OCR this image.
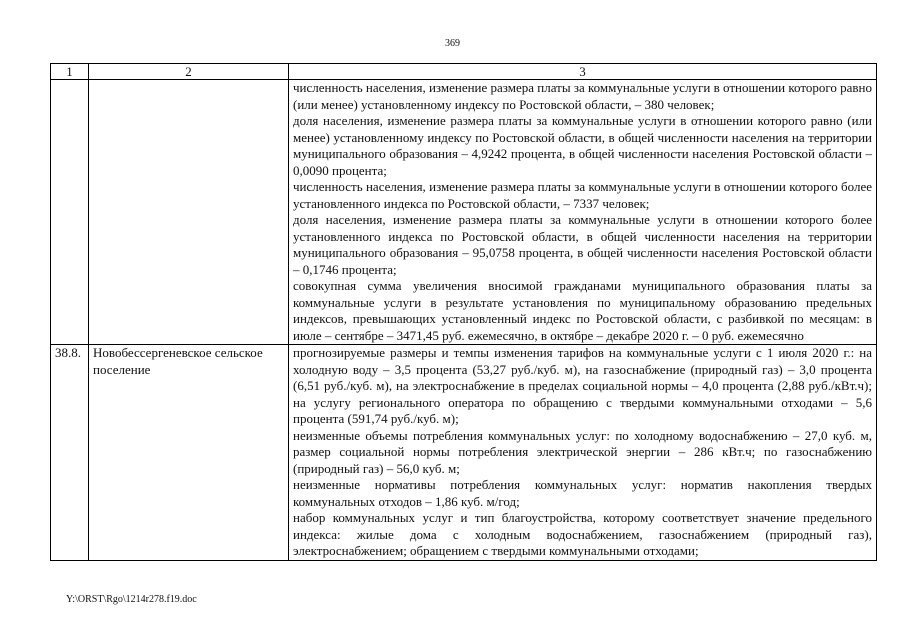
369
1	2	3

		численность населения, изменение размера платы за коммунальные услуги в отношении которого равно (или менее) установленному индексу по Ростовской области, – 380 человек;
доля населения, изменение размера платы за коммунальные услуги в отношении которого равно (или менее) установленному индексу по Ростовской области, в общей численности населения на территории муниципального образования – 4,9242 процента, в общей численности населения Ростовской области – 0,0090 процента;
численность населения, изменение размера платы за коммунальные услуги в отношении которого более установленного индекса по Ростовской области, – 7337 человек;
доля населения, изменение размера платы за коммунальные услуги в отношении которого более установленного индекса по Ростовской области, в общей численности населения на территории муниципального образования – 95,0758 процента, в общей численности населения Ростовской области – 0,1746 процента;
совокупная сумма увеличения вносимой гражданами муниципального образования платы за коммунальные услуги в результате установления по муниципальному образованию предельных индексов, превышающих установленный индекс по Ростовской области, с разбивкой по месяцам: в июле – сентябре – 3471,45 руб. ежемесячно, в октябре – декабре 2020 г. – 0 руб. ежемесячно

38.8.	Новобессергеневское сельское поселение	прогнозируемые размеры и темпы изменения тарифов на коммунальные услуги с 1 июля 2020 г.: на холодную воду – 3,5 процента (53,27 руб./куб. м), на газоснабжение (природный газ) – 3,0 процента (6,51 руб./куб. м), на электроснабжение в пределах социальной нормы – 4,0 процента (2,88 руб./кВт.ч); на услугу регионального оператора по обращению с твердыми коммунальными отходами – 5,6 процента (591,74 руб./куб. м);
неизменные объемы потребления коммунальных услуг: по холодному водоснабжению – 27,0 куб. м, размер социальной нормы потребления электрической энергии – 286 кВт.ч; по газоснабжению (природный газ) – 56,0 куб. м;
неизменные нормативы потребления коммунальных услуг: норматив накопления твердых коммунальных отходов – 1,86 куб. м/год;
набор коммунальных услуг и тип благоустройства, которому соответствует значение предельного индекса: жилые дома с холодным водоснабжением, газоснабжением (природный газ), электроснабжением; обращением с твердыми коммунальными отходами;
Y:\ORST\Rgo\1214r278.f19.doc
